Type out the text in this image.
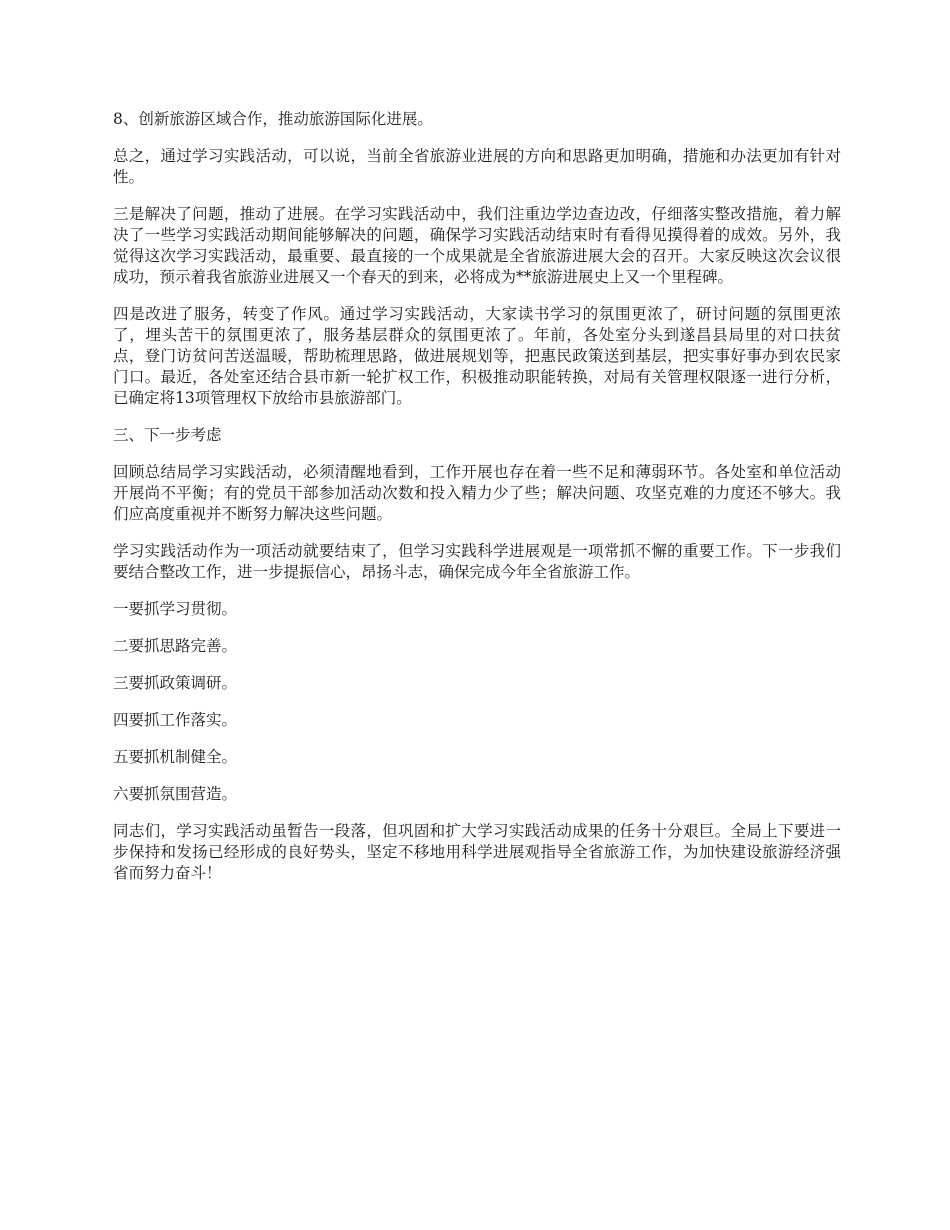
8、创新旅游区域合作，推动旅游国际化进展。

总之，通过学习实践活动，可以说，当前全省旅游业进展的方向和思路更加明确，措施和办法更加有针对性。

三是解决了问题，推动了进展。在学习实践活动中，我们注重边学边查边改，仔细落实整改措施，着力解决了一些学习实践活动期间能够解决的问题，确保学习实践活动结束时有看得见摸得着的成效。另外，我觉得这次学习实践活动，最重要、最直接的一个成果就是全省旅游进展大会的召开。大家反映这次会议很成功，预示着我省旅游业进展又一个春天的到来，必将成为**旅游进展史上又一个里程碑。

四是改进了服务，转变了作风。通过学习实践活动，大家读书学习的氛围更浓了，研讨问题的氛围更浓了，埋头苦干的氛围更浓了，服务基层群众的氛围更浓了。年前，各处室分头到遂昌县局里的对口扶贫点，登门访贫问苦送温暖，帮助梳理思路，做进展规划等，把惠民政策送到基层，把实事好事办到农民家门口。最近，各处室还结合县市新一轮扩权工作，积极推动职能转换，对局有关管理权限逐一进行分析，已确定将13项管理权下放给市县旅游部门。

三、下一步考虑

回顾总结局学习实践活动，必须清醒地看到，工作开展也存在着一些不足和薄弱环节。各处室和单位活动开展尚不平衡；有的党员干部参加活动次数和投入精力少了些；解决问题、攻坚克难的力度还不够大。我们应高度重视并不断努力解决这些问题。

学习实践活动作为一项活动就要结束了，但学习实践科学进展观是一项常抓不懈的重要工作。下一步我们要结合整改工作，进一步提振信心，昂扬斗志，确保完成今年全省旅游工作。

一要抓学习贯彻。

二要抓思路完善。

三要抓政策调研。

四要抓工作落实。

五要抓机制健全。

六要抓氛围营造。

同志们，学习实践活动虽暂告一段落，但巩固和扩大学习实践活动成果的任务十分艰巨。全局上下要进一步保持和发扬已经形成的良好势头，坚定不移地用科学进展观指导全省旅游工作，为加快建设旅游经济强省而努力奋斗！
